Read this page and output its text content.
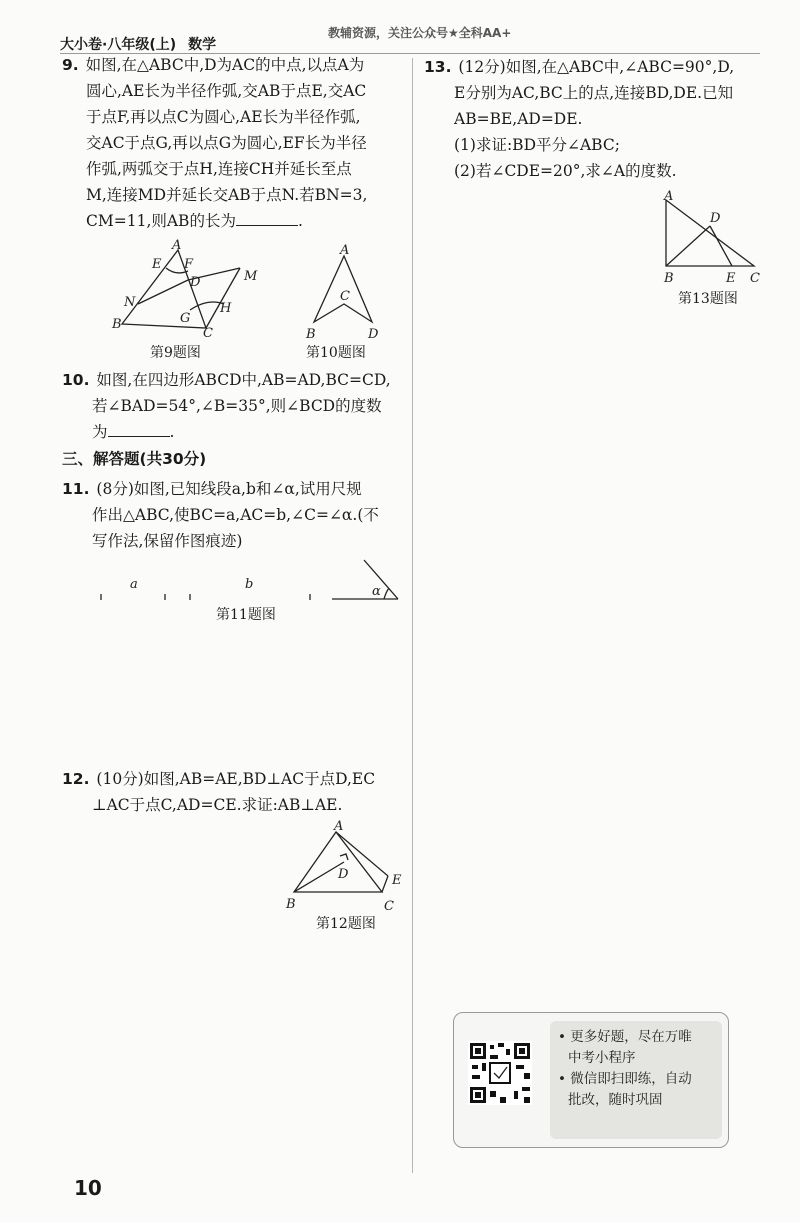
大小卷·八年级(上) 数学
教辅资源，关注公众号★全科AA+
9. 如图,在△ABC中,D为AC的中点,以点A为
圆心,AE长为半径作弧,交AB于点E,交AC
于点F,再以点C为圆心,AE长为半径作弧,
交AC于点G,再以点G为圆心,EF长为半径
作弧,两弧交于点H,连接CH并延长至点
M,连接MD并延长交AB于点N.若BN=3,
CM=11,则AB的长为	.
A
E F
D	M
N
G
H
B
C
第9题图
A
B
C
D
第10题图
10. 如图,在四边形ABCD中,AB=AD,BC=CD,
若∠BAD=54°,∠B=35°,则∠BCD的度数
为	.
三、解答题(共30分)
11. (8分)如图,已知线段a,b和∠α,试用尺规
作出△ABC,使BC=a,AC=b,∠C=∠α.(不
写作法,保留作图痕迹)
a	b	α
第11题图
12. (10分)如图,AB=AE,BD⊥AC于点D,EC
⊥AC于点C,AD=CE.求证:AB⊥AE.
A
B	C
D	E
第12题图
13. (12分)如图,在△ABC中,∠ABC=90°,D,
E分别为AC,BC上的点,连接BD,DE.已知
AB=BE,AD=DE.
(1)求证:BD平分∠ABC;
(2)若∠CDE=20°,求∠A的度数.
A
B	C
D
E
第13题图
• 更多好题，尽在万唯
中考小程序
• 微信即扫即练，自动
批改，随时巩固
10
